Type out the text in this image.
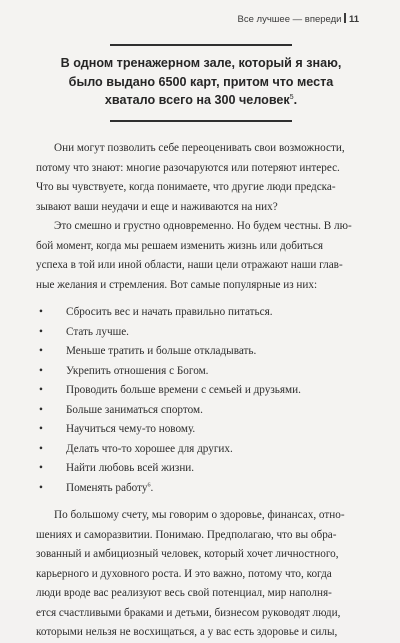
Все лучшее — впереди 11
В одном тренажерном зале, который я знаю,
было выдано 6500 карт, притом что места
хватало всего на 300 человек$^5$.

Они могут позволить себе переоценивать свои возможности,
потому что знают: многие разочаруются или потеряют интерес.
Что вы чувствуете, когда понимаете, что другие люди предска-
зывают ваши неудачи и еще и наживаются на них?

Это смешно и грустно одновременно. Но будем честны. В лю-
бой момент, когда мы решаем изменить жизнь или добиться
успеха в той или иной области, наши цели отражают наши глав-
ные желания и стремления. Вот самые популярные из них:

• Сбросить вес и начать правильно питаться.
• Стать лучше.
• Меньше тратить и больше откладывать.
• Укрепить отношения с Богом.
• Проводить больше времени с семьей и друзьями.
• Больше заниматься спортом.
• Научиться чему-то новому.
• Делать что-то хорошее для других.
• Найти любовь всей жизни.
• Поменять работу$^6$.

По большому счету, мы говорим о здоровье, финансах, отно-
шениях и саморазвитии. Понимаю. Предполагаю, что вы обра-
зованный и амбициозный человек, который хочет личностного,
карьерного и духовного роста. И это важно, потому что, когда
люди вроде вас реализуют весь свой потенциал, мир наполня-
ется счастливыми браками и детьми, бизнесом руководят люди,
которыми нельзя не восхищаться, а у вас есть здоровье и силы,
